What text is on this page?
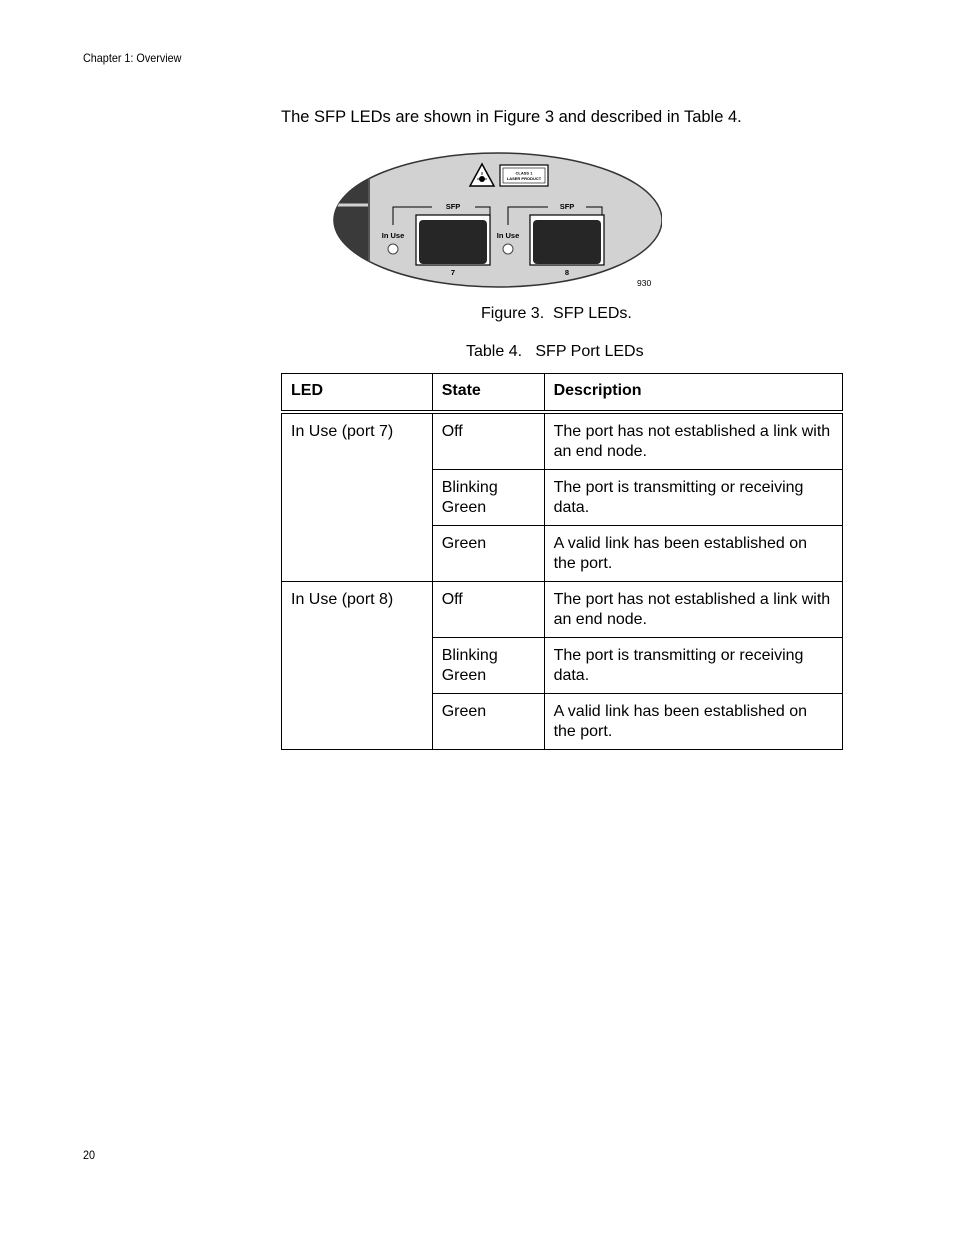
Chapter 1: Overview
The SFP LEDs are shown in Figure 3 and described in Table 4.
CLASS 1
LASER PRODUCT
SFP
In Use
7
SFP
In Use
8
930
Figure 3.  SFP LEDs.
Table 4.   SFP Port LEDs
LED	State	Description
In Use (port 7)	Off	The port has not established a link with an end node.
	Blinking Green	The port is transmitting or receiving data.
	Green	A valid link has been established on the port.
In Use (port 8)	Off	The port has not established a link with an end node.
	Blinking Green	The port is transmitting or receiving data.
	Green	A valid link has been established on the port.
20
